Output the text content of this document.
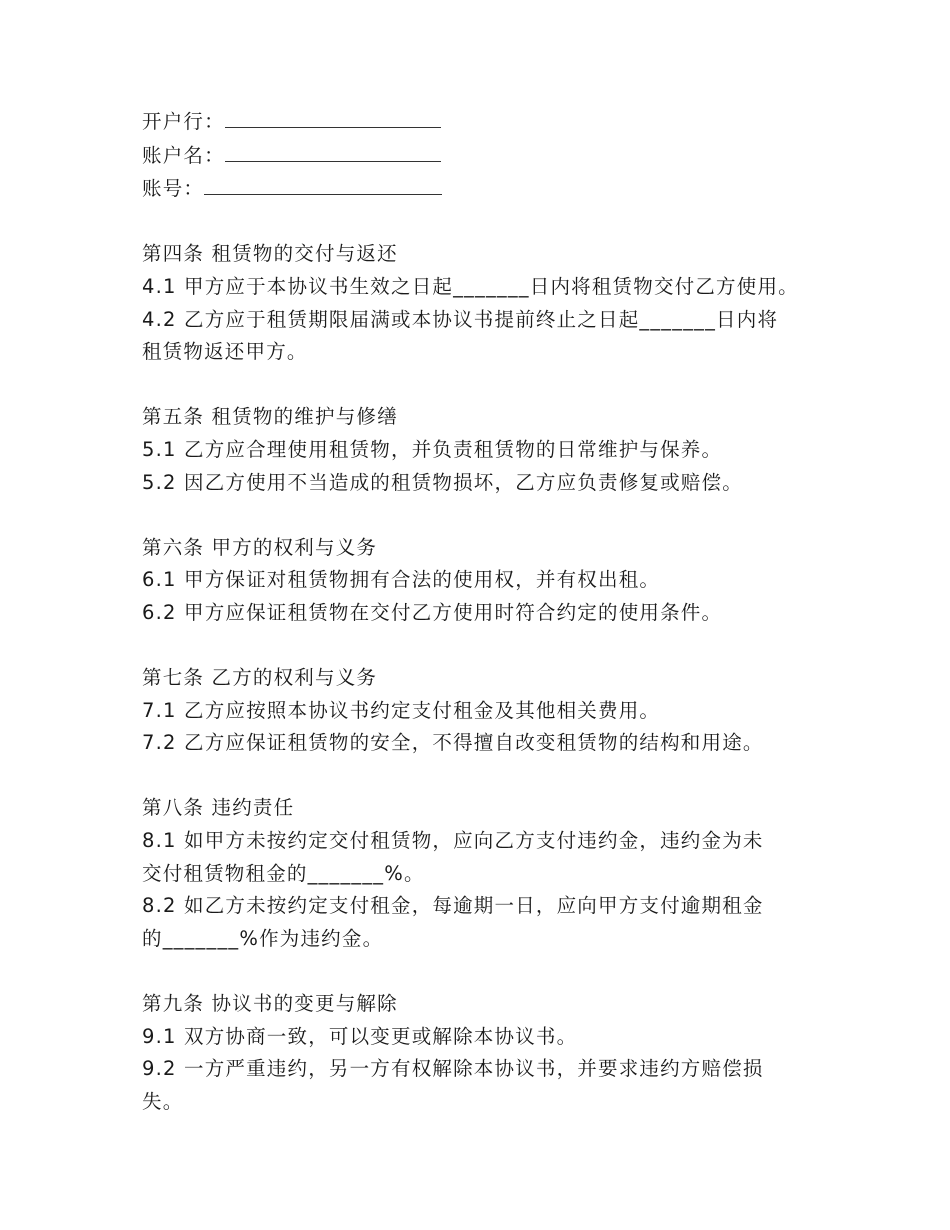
开户行：
账户名：
账号：
第四条 租赁物的交付与返还
4.1 甲方应于本协议书生效之日起_______日内将租赁物交付乙方使用。
4.2 乙方应于租赁期限届满或本协议书提前终止之日起_______日内将
租赁物返还甲方。
第五条 租赁物的维护与修缮
5.1 乙方应合理使用租赁物，并负责租赁物的日常维护与保养。
5.2 因乙方使用不当造成的租赁物损坏，乙方应负责修复或赔偿。
第六条 甲方的权利与义务
6.1 甲方保证对租赁物拥有合法的使用权，并有权出租。
6.2 甲方应保证租赁物在交付乙方使用时符合约定的使用条件。
第七条 乙方的权利与义务
7.1 乙方应按照本协议书约定支付租金及其他相关费用。
7.2 乙方应保证租赁物的安全，不得擅自改变租赁物的结构和用途。
第八条 违约责任
8.1 如甲方未按约定交付租赁物，应向乙方支付违约金，违约金为未
交付租赁物租金的_______%。
8.2 如乙方未按约定支付租金，每逾期一日，应向甲方支付逾期租金
的_______%作为违约金。
第九条 协议书的变更与解除
9.1 双方协商一致，可以变更或解除本协议书。
9.2 一方严重违约，另一方有权解除本协议书，并要求违约方赔偿损
失。
